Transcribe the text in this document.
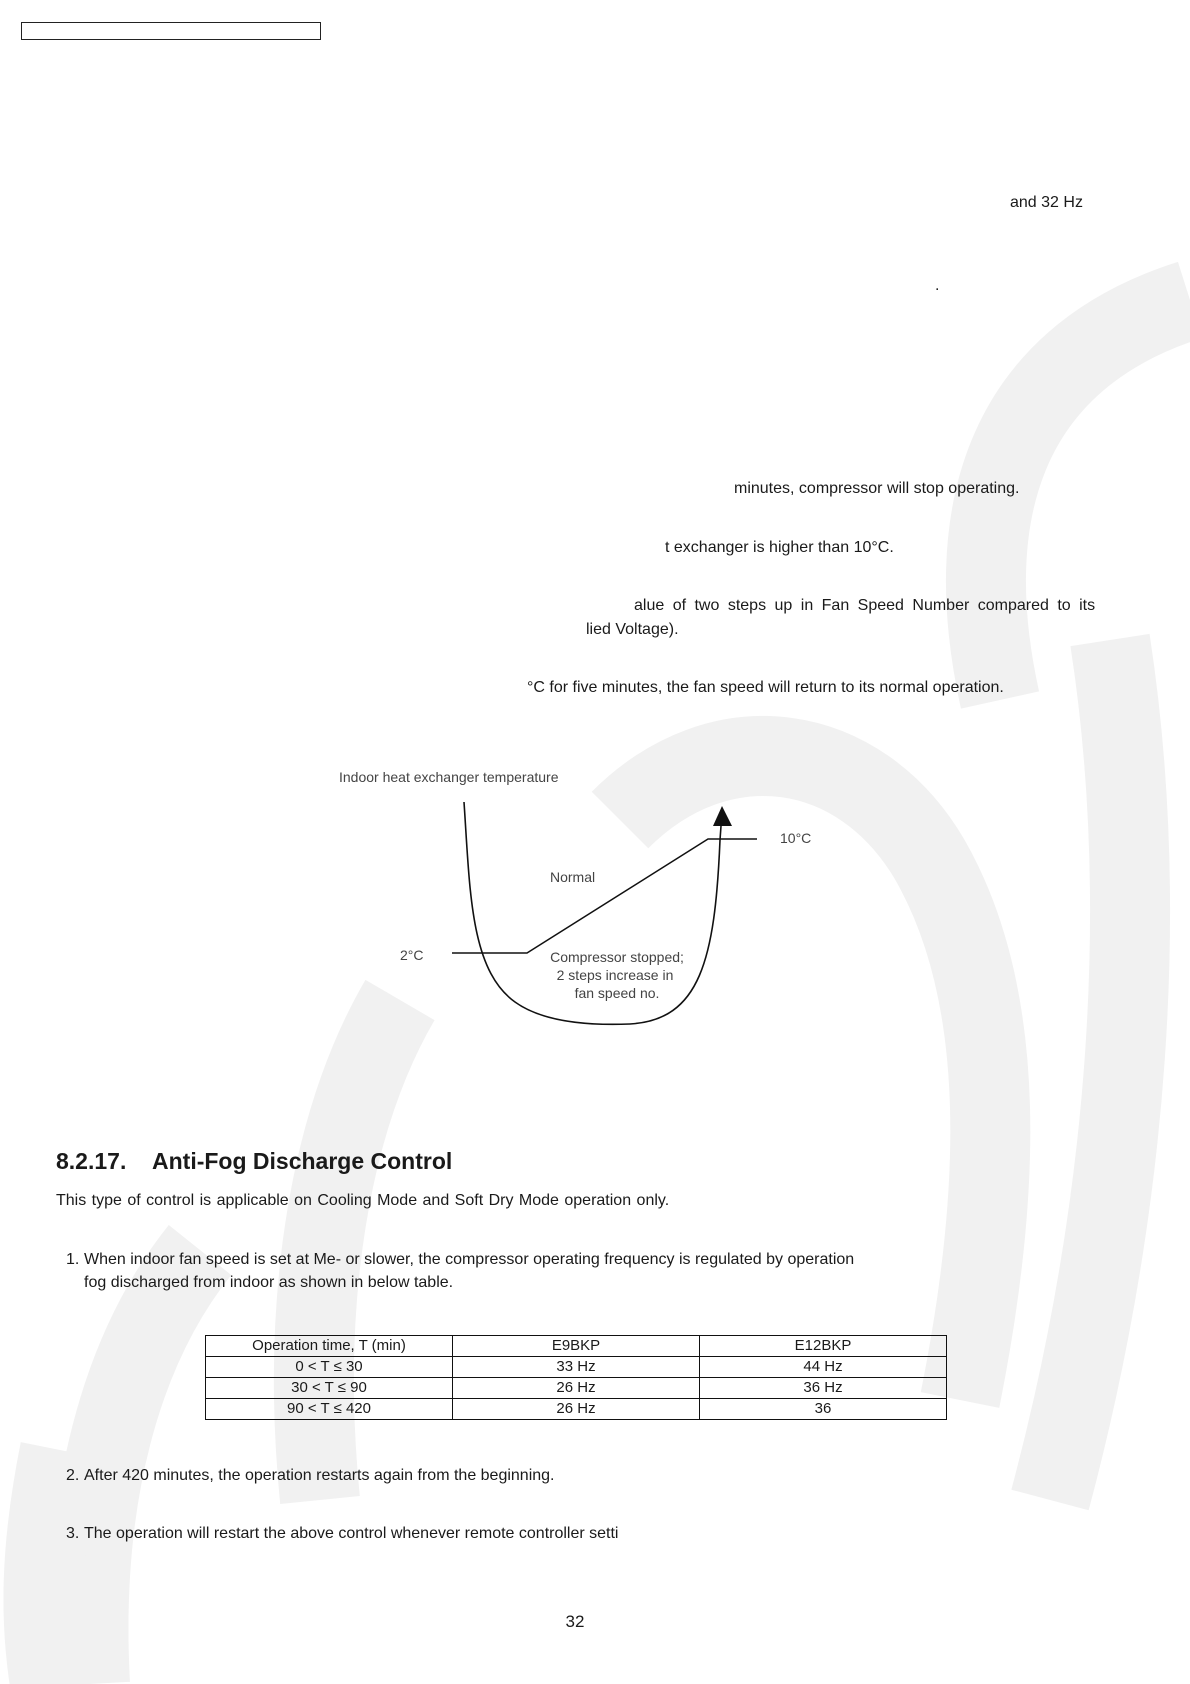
and 32 Hz
.
minutes, compressor will stop operating.
t exchanger is higher than 10°C.
alue of two steps up in Fan Speed Number compared to its
lied Voltage).
°C for five minutes, the fan speed will return to its normal operation.
Indoor heat exchanger temperature
10°C
2°C
Normal
Compressor stopped;
2 steps increase in
fan speed no.
8.2.17. Anti-Fog Discharge Control
This type of control is applicable on Cooling Mode and Soft Dry Mode operation only.
1. When indoor fan speed is set at Me- or slower, the compressor operating frequency is regulated by operation
fog discharged from indoor as shown in below table.
Operation time, T (min)	E9BKP	E12BKP
0 < T ≤ 30	33 Hz	44 Hz
30 < T ≤ 90	26 Hz	36 Hz
90 < T ≤ 420	26 Hz	36
2. After 420 minutes, the operation restarts again from the beginning.
3. The operation will restart the above control whenever remote controller setti
32
